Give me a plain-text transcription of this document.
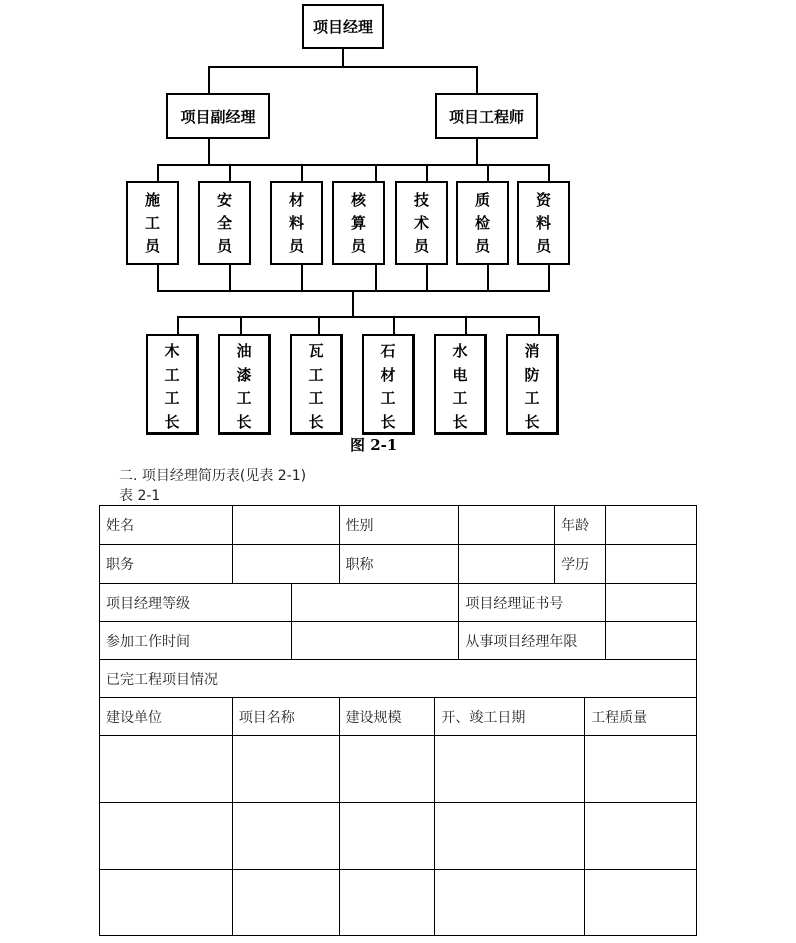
项目经理
项目副经理	项目工程师
施
工
员
安
全
员
材
料
员
核
算
员
技
术
员
质
检
员
资
料
员
木
工
工
长
油
漆
工
长
瓦
工
工
长
石
材
工
长
水
电
工
长
消
防
工
长
图 2-1
二. 项目经理简历表(见表 2-1)
表 2-1
姓名			性别			年龄		
职务			职称			学历		
项目经理等级					项目经理证书号			
参加工作时间					从事项目经理年限			
已完工程项目情况								
建设单位	项目名称		建设规模	开、竣工日期			工程质量	
